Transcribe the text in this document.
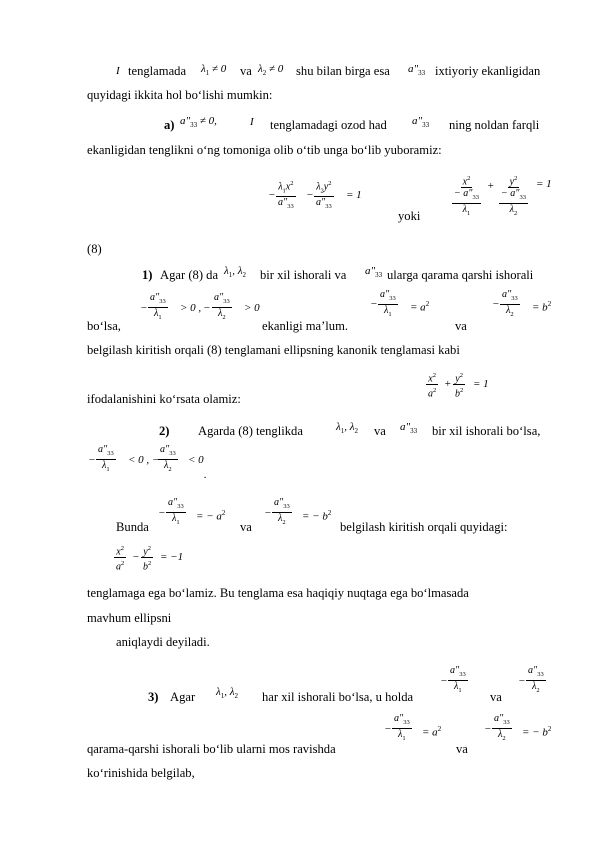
I tenglamada $\lambda_1 \ne 0$ va $\lambda_2 \ne 0$ shu bilan birga esa $a"_{33}$ ixtiyoriy ekanligidan
quyidagi ikkita hol bo‘lishi mumkin:
a) $a"_{33} \ne 0$,	I tenglamadagi ozod had $a"_{33}$ ning noldan farqli
ekanligidan tenglikni o‘ng tomoniga olib o‘tib unga bo‘lib yuboramiz:
− $\frac{\lambda_1x^2}{a"_{33}} - \frac{\lambda_2y^2}{a"_{33}} = 1$
yoki	$\frac{x^2}{\frac{- a"_{33}}{\lambda_1}} + \frac{y^2}{\frac{- a"_{33}}{\lambda_2}} = 1$
(8)
1) Agar (8) da $\lambda_1$, $\lambda_2$ bir xil ishorali va $a"_{33}$ ularga qarama qarshi ishorali
− $\frac{a"_{33}}{\lambda_1} > 0$ , − $\frac{a"_{33}}{\lambda_2} > 0$
bo‘lsa,	ekanligi ma’lum.
− $\frac{a"_{33}}{\lambda_1} = a^2$
va
− $\frac{a"_{33}}{\lambda_2} = b^2$
belgilash kiritish orqali (8) tenglamani ellipsning kanonik tenglamasi kabi
ifodalanishini ko‘rsata olamiz:	$\frac{x^2}{a^2} + \frac{y^2}{b^2} = 1$
2) Agarda (8) tenglikda	$\lambda_1$, $\lambda_2$ va $a"_{33}$ bir xil ishorali bo‘lsa,
− $\frac{a"_{33}}{\lambda_1} < 0$ , −
$\frac{a"_{33}}{\lambda_2} < 0$
.
Bunda
− $\frac{a"_{33}}{\lambda_1}$ = − $a^2$
va
− $\frac{a"_{33}}{\lambda_2}$ = − $b^2$
belgilash kiritish orqali quyidagi:
$\frac{x^2}{a^2} - \frac{y^2}{b^2} = -1$
tenglamaga ega bo‘lamiz. Bu tenglama esa haqiqiy nuqtaga ega bo‘lmasada
mavhum ellipsni
aniqlaydi deyiladi.
3) Agar $\lambda_1$, $\lambda_2$ har xil ishorali bo‘lsa, u holda
− $\frac{a"_{33}}{\lambda_1}$
va
− $\frac{a"_{33}}{\lambda_2}$
qarama-qarshi ishorali bo‘lib ularni mos ravishda
− $\frac{a"_{33}}{\lambda_1} = a^2$
va
− $\frac{a"_{33}}{\lambda_2}$ = − $b^2$
ko‘rinishida belgilab,
